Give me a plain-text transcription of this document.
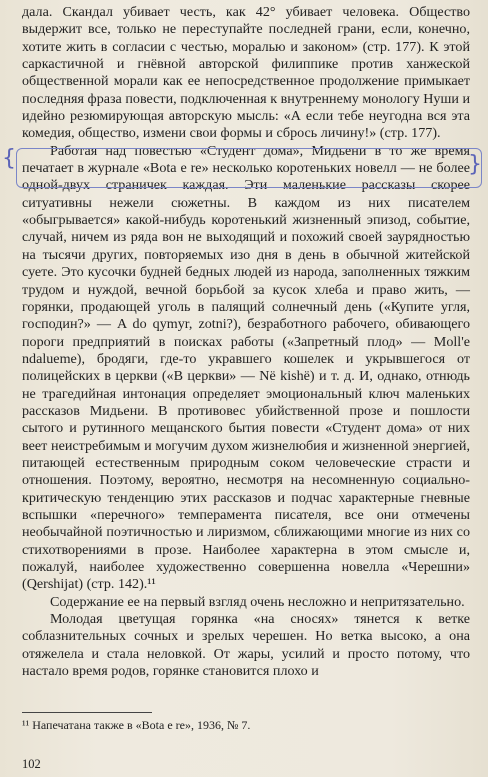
дала. Скандал убивает честь, как 42° убивает человека. Общество выдержит все, только не переступайте последней грани, если, конечно, хотите жить в согласии с честью, моралью и законом» (стр. 177). К этой саркастичной и гнёвной авторской филиппике против ханжеской общественной морали как ее непосредственное продолжение примыкает последняя фраза повести, подключенная к внутреннему монологу Нуши и идейно резюмирующая авторскую мысль: «А если тебе неугодна вся эта комедия, общество, измени свои формы и сбрось личину!» (стр. 177).

Работая над повестью «Студент дома», Мидьени в то же время печатает в журнале «Bota e re» несколько коротеньких новелл — не более одной-двух страничек каждая. Эти маленькие рассказы скорее ситуативны нежели сюжетны. В каждом из них писателем «обыгрывается» какой-нибудь коротенький жизненный эпизод, событие, случай, ничем из ряда вон не выходящий и похожий своей заурядностью на тысячи других, повторяемых изо дня в день в обычной житейской суете. Это кусочки будней бедных людей из народа, заполненных тяжким трудом и нуждой, вечной борьбой за кусок хлеба и право жить, — горянки, продающей уголь в палящий солнечный день («Купите угля, господин?» — A do qymyr, zotni?), безработного рабочего, обивающего пороги предприятий в поисках работы («Запретный плод» — Moll'e ndalueme), бродяги, где-то укравшего кошелек и укрывшегося от полицейских в церкви («В церкви» — Në kishë) и т. д. И, однако, отнюдь не трагедийная интонация определяет эмоциональный ключ маленьких рассказов Мидьени. В противовес убийственной прозе и пошлости сытого и рутинного мещанского бытия повести «Студент дома» от них веет неистребимым и могучим духом жизнелюбия и жизненной энергией, питающей естественным природным соком человеческие страсти и отношения. Поэтому, вероятно, несмотря на несомненную социально-критическую тенденцию этих рассказов и подчас характерные гневные вспышки «перечного» темперамента писателя, все они отмечены необычайной поэтичностью и лиризмом, сближающими многие из них со стихотворениями в прозе. Наиболее характерна в этом смысле и, пожалуй, наиболее художественно совершенна новелла «Черешни» (Qershijat) (стр. 142).¹¹

Содержание ее на первый взгляд очень несложно и непритязательно.

Молодая цветущая горянка «на сносях» тянется к ветке соблазнительных сочных и зрелых черешен. Но ветка высоко, а она отяжелела и стала неловкой. От жары, усилий и просто потому, что настало время родов, горянке становится плохо и

{	}
¹¹ Напечатана также в «Bota e re», 1936, № 7.
102
